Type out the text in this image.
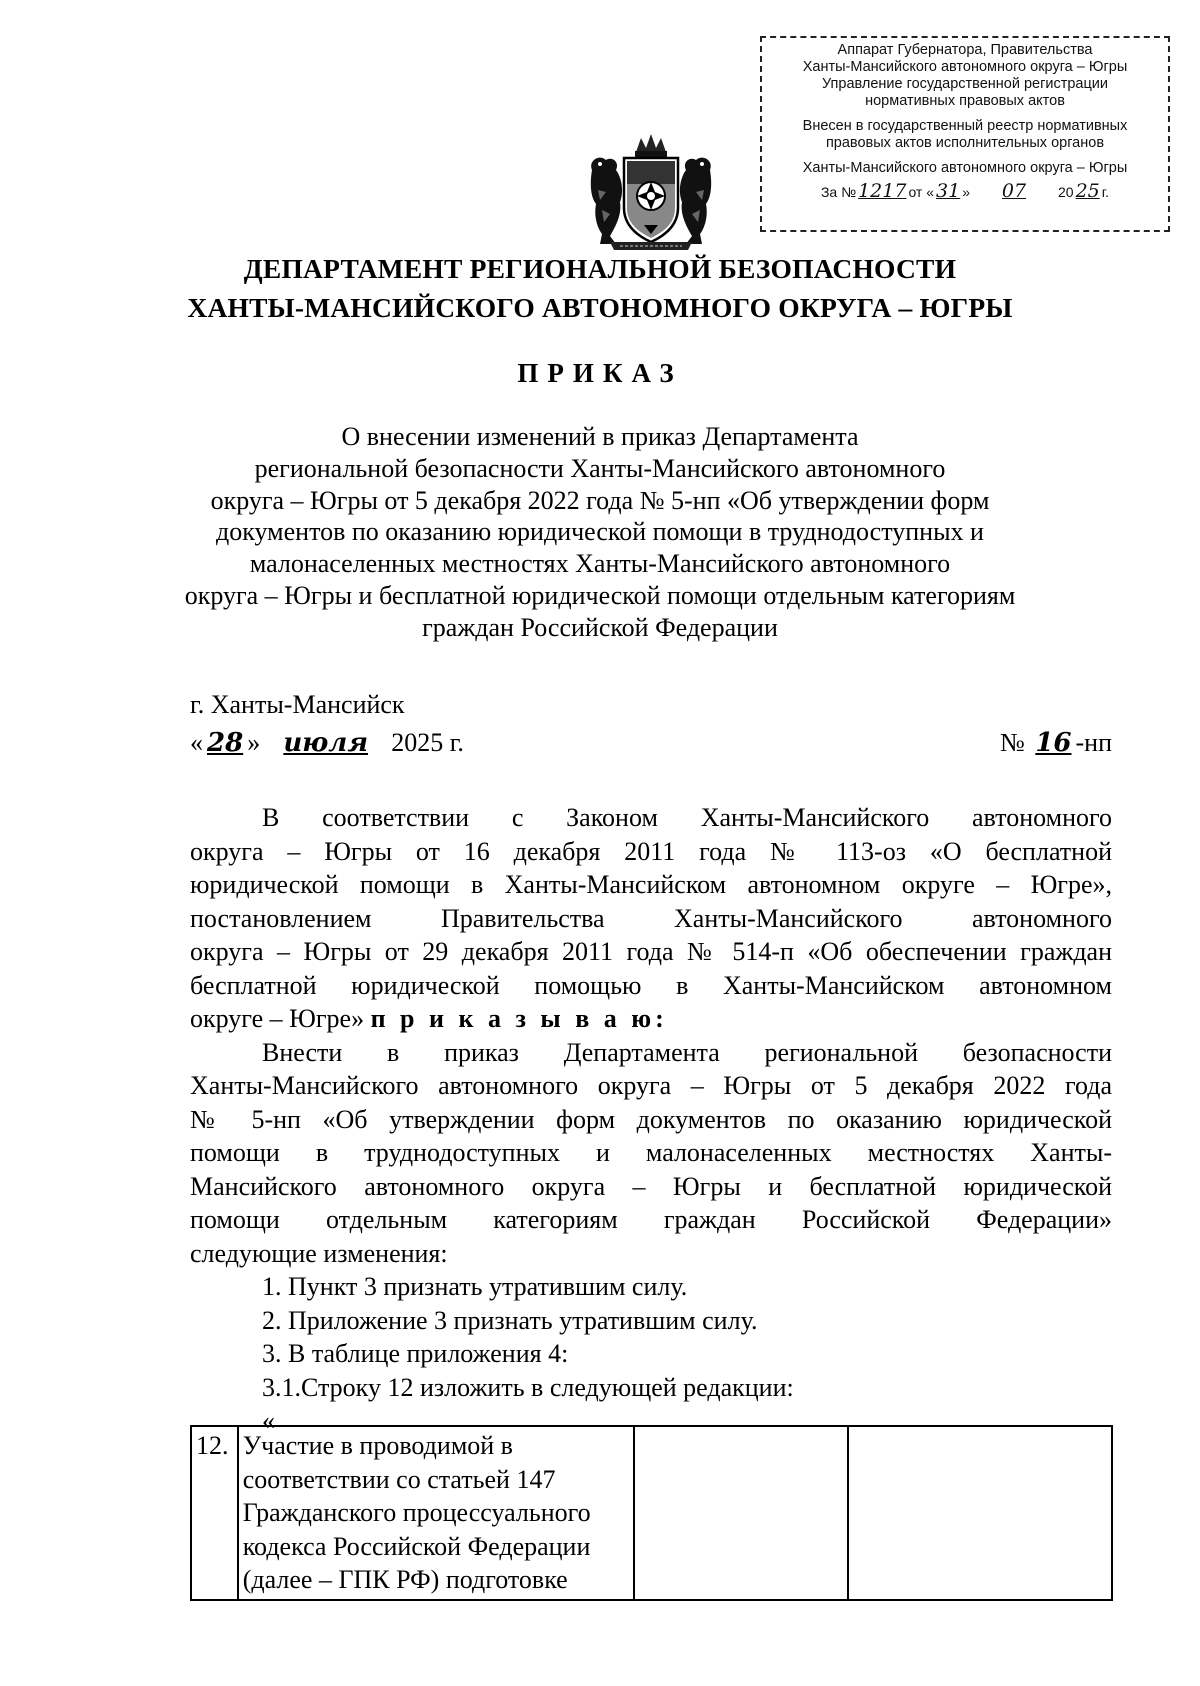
Аппарат Губернатора, Правительства
Ханты-Мансийского автономного округа – Югры
Управление государственной регистрации
нормативных правовых актов
Внесен в государственный реестр нормативных
правовых актов исполнительных органов
Ханты-Мансийского автономного округа – Югры
За № 1217 от « 31 » 07 20 25 г.
ДЕПАРТАМЕНТ РЕГИОНАЛЬНОЙ БЕЗОПАСНОСТИ
ХАНТЫ-МАНСИЙСКОГО АВТОНОМНОГО ОКРУГА – ЮГРЫ
ПРИКАЗ
О внесении изменений в приказ Департамента
региональной безопасности Ханты-Мансийского автономного
округа – Югры от 5 декабря 2022 года № 5-нп «Об утверждении форм
документов по оказанию юридической помощи в труднодоступных и
малонаселенных местностях Ханты-Мансийского автономного
округа – Югры и бесплатной юридической помощи отдельным категориям
граждан Российской Федерации
г. Ханты-Мансийск
« 28 » июля 2025 г.	№ 16 -нп
В соответствии с Законом Ханты-Мансийского автономного
округа – Югры от 16 декабря 2011 года № 113-оз «О бесплатной
юридической помощи в Ханты-Мансийском автономном округе – Югре»,
постановлением Правительства Ханты-Мансийского автономного
округа – Югры от 29 декабря 2011 года № 514-п «Об обеспечении граждан
бесплатной юридической помощью в Ханты-Мансийском автономном
округе – Югре» п р и к а з ы в а ю:
Внести в приказ Департамента региональной безопасности
Ханты-Мансийского автономного округа – Югры от 5 декабря 2022 года
№ 5-нп «Об утверждении форм документов по оказанию юридической
помощи в труднодоступных и малонаселенных местностях Ханты-
Мансийского автономного округа – Югры и бесплатной юридической
помощи отдельным категориям граждан Российской Федерации»
следующие изменения:
1. Пункт 3 признать утратившим силу.
2. Приложение 3 признать утратившим силу.
3. В таблице приложения 4:
3.1.Строку 12 изложить в следующей редакции:
«
12.	Участие в проводимой в
соответствии со статьей 147
Гражданского процессуального
кодекса Российской Федерации
(далее – ГПК РФ) подготовке
